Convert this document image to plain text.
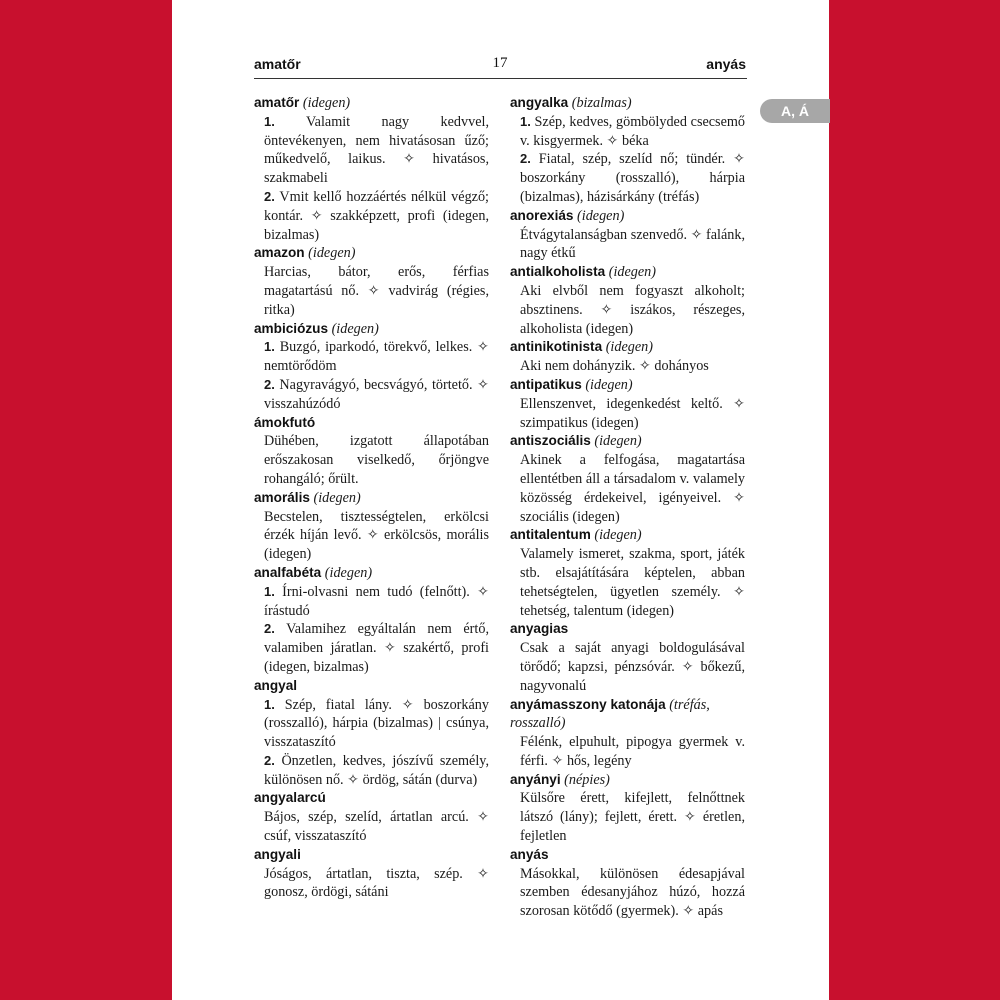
amatőr	17	anyás
A, Á
amatőr (idegen)
1. Valamit nagy kedvvel, öntevékenyen, nem hivatásosan űző; műkedvelő, laikus. ✧ hivatásos, szakmabeli
2. Vmit kellő hozzáértés nélkül végző; kontár. ✧ szakképzett, profi (idegen, bizalmas)
amazon (idegen)
Harcias, bátor, erős, férfias magatartású nő. ✧ vadvirág (régies, ritka)
ambiciózus (idegen)
1. Buzgó, iparkodó, törekvő, lelkes. ✧ nemtörődöm
2. Nagyravágyó, becsvágyó, törtető. ✧ visszahúzódó
ámokfutó
Dühében, izgatott állapotában erőszakosan viselkedő, őrjöngve rohangáló; őrült.
amorális (idegen)
Becstelen, tisztességtelen, erkölcsi érzék híján levő. ✧ erkölcsös, morális (idegen)
analfabéta (idegen)
1. Írni-olvasni nem tudó (felnőtt). ✧ írástudó
2. Valamihez egyáltalán nem értő, valamiben járatlan. ✧ szakértő, profi (idegen, bizalmas)
angyal
1. Szép, fiatal lány. ✧ boszorkány (rosszalló), hárpia (bizalmas) | csúnya, visszataszító
2. Önzetlen, kedves, jószívű személy, különösen nő. ✧ ördög, sátán (durva)
angyalarcú
Bájos, szép, szelíd, ártatlan arcú. ✧ csúf, visszataszító
angyali
Jóságos, ártatlan, tiszta, szép. ✧ gonosz, ördögi, sátáni
angyalka (bizalmas)
1. Szép, kedves, gömbölyded csecsemő v. kisgyermek. ✧ béka
2. Fiatal, szép, szelíd nő; tündér. ✧ boszorkány (rosszalló), hárpia (bizalmas), házisárkány (tréfás)
anorexiás (idegen)
Étvágytalanságban szenvedő. ✧ falánk, nagy étkű
antialkoholista (idegen)
Aki elvből nem fogyaszt alkoholt; absztinens. ✧ iszákos, részeges, alkoholista (idegen)
antinikotinista (idegen)
Aki nem dohányzik. ✧ dohányos
antipatikus (idegen)
Ellenszenvet, idegenkedést keltő. ✧ szimpatikus (idegen)
antiszociális (idegen)
Akinek a felfogása, magatartása ellentétben áll a társadalom v. valamely közösség érdekeivel, igényeivel. ✧ szociális (idegen)
antitalentum (idegen)
Valamely ismeret, szakma, sport, játék stb. elsajátítására képtelen, abban tehetségtelen, ügyetlen személy. ✧ tehetség, talentum (idegen)
anyagias
Csak a saját anyagi boldogulásával törődő; kapzsi, pénzsóvár. ✧ bőkezű, nagyvonalú
anyámasszony katonája (tréfás, rosszalló)
Félénk, elpuhult, pipogya gyermek v. férfi. ✧ hős, legény
anyányi (népies)
Külsőre érett, kifejlett, felnőttnek látszó (lány); fejlett, érett. ✧ éretlen, fejletlen
anyás
Másokkal, különösen édesapjával szemben édesanyjához húzó, hozzá szorosan kötődő (gyermek). ✧ apás
